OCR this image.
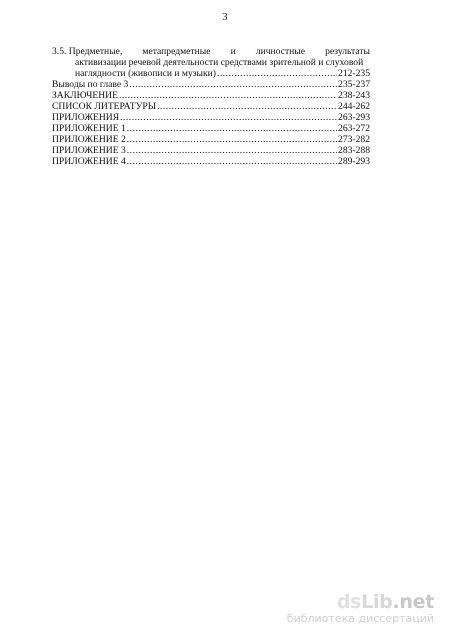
3
3.5. Предметные, метапредметные и личностные результаты
активизации речевой деятельности средствами зрительной и слуховой
наглядности (живописи и музыки) .....	212-235
Выводы по главе 3 .....	235-237
ЗАКЛЮЧЕНИЕ .....	238-243
СПИСОК ЛИТЕРАТУРЫ .....	244-262
ПРИЛОЖЕНИЯ .....	263-293
ПРИЛОЖЕНИЕ 1 .....	263-272
ПРИЛОЖЕНИЕ 2 .....	273-282
ПРИЛОЖЕНИЕ 3 .....	283-288
ПРИЛОЖЕНИЕ 4 .....	289-293
dsLib.net
библиотека диссертаций
